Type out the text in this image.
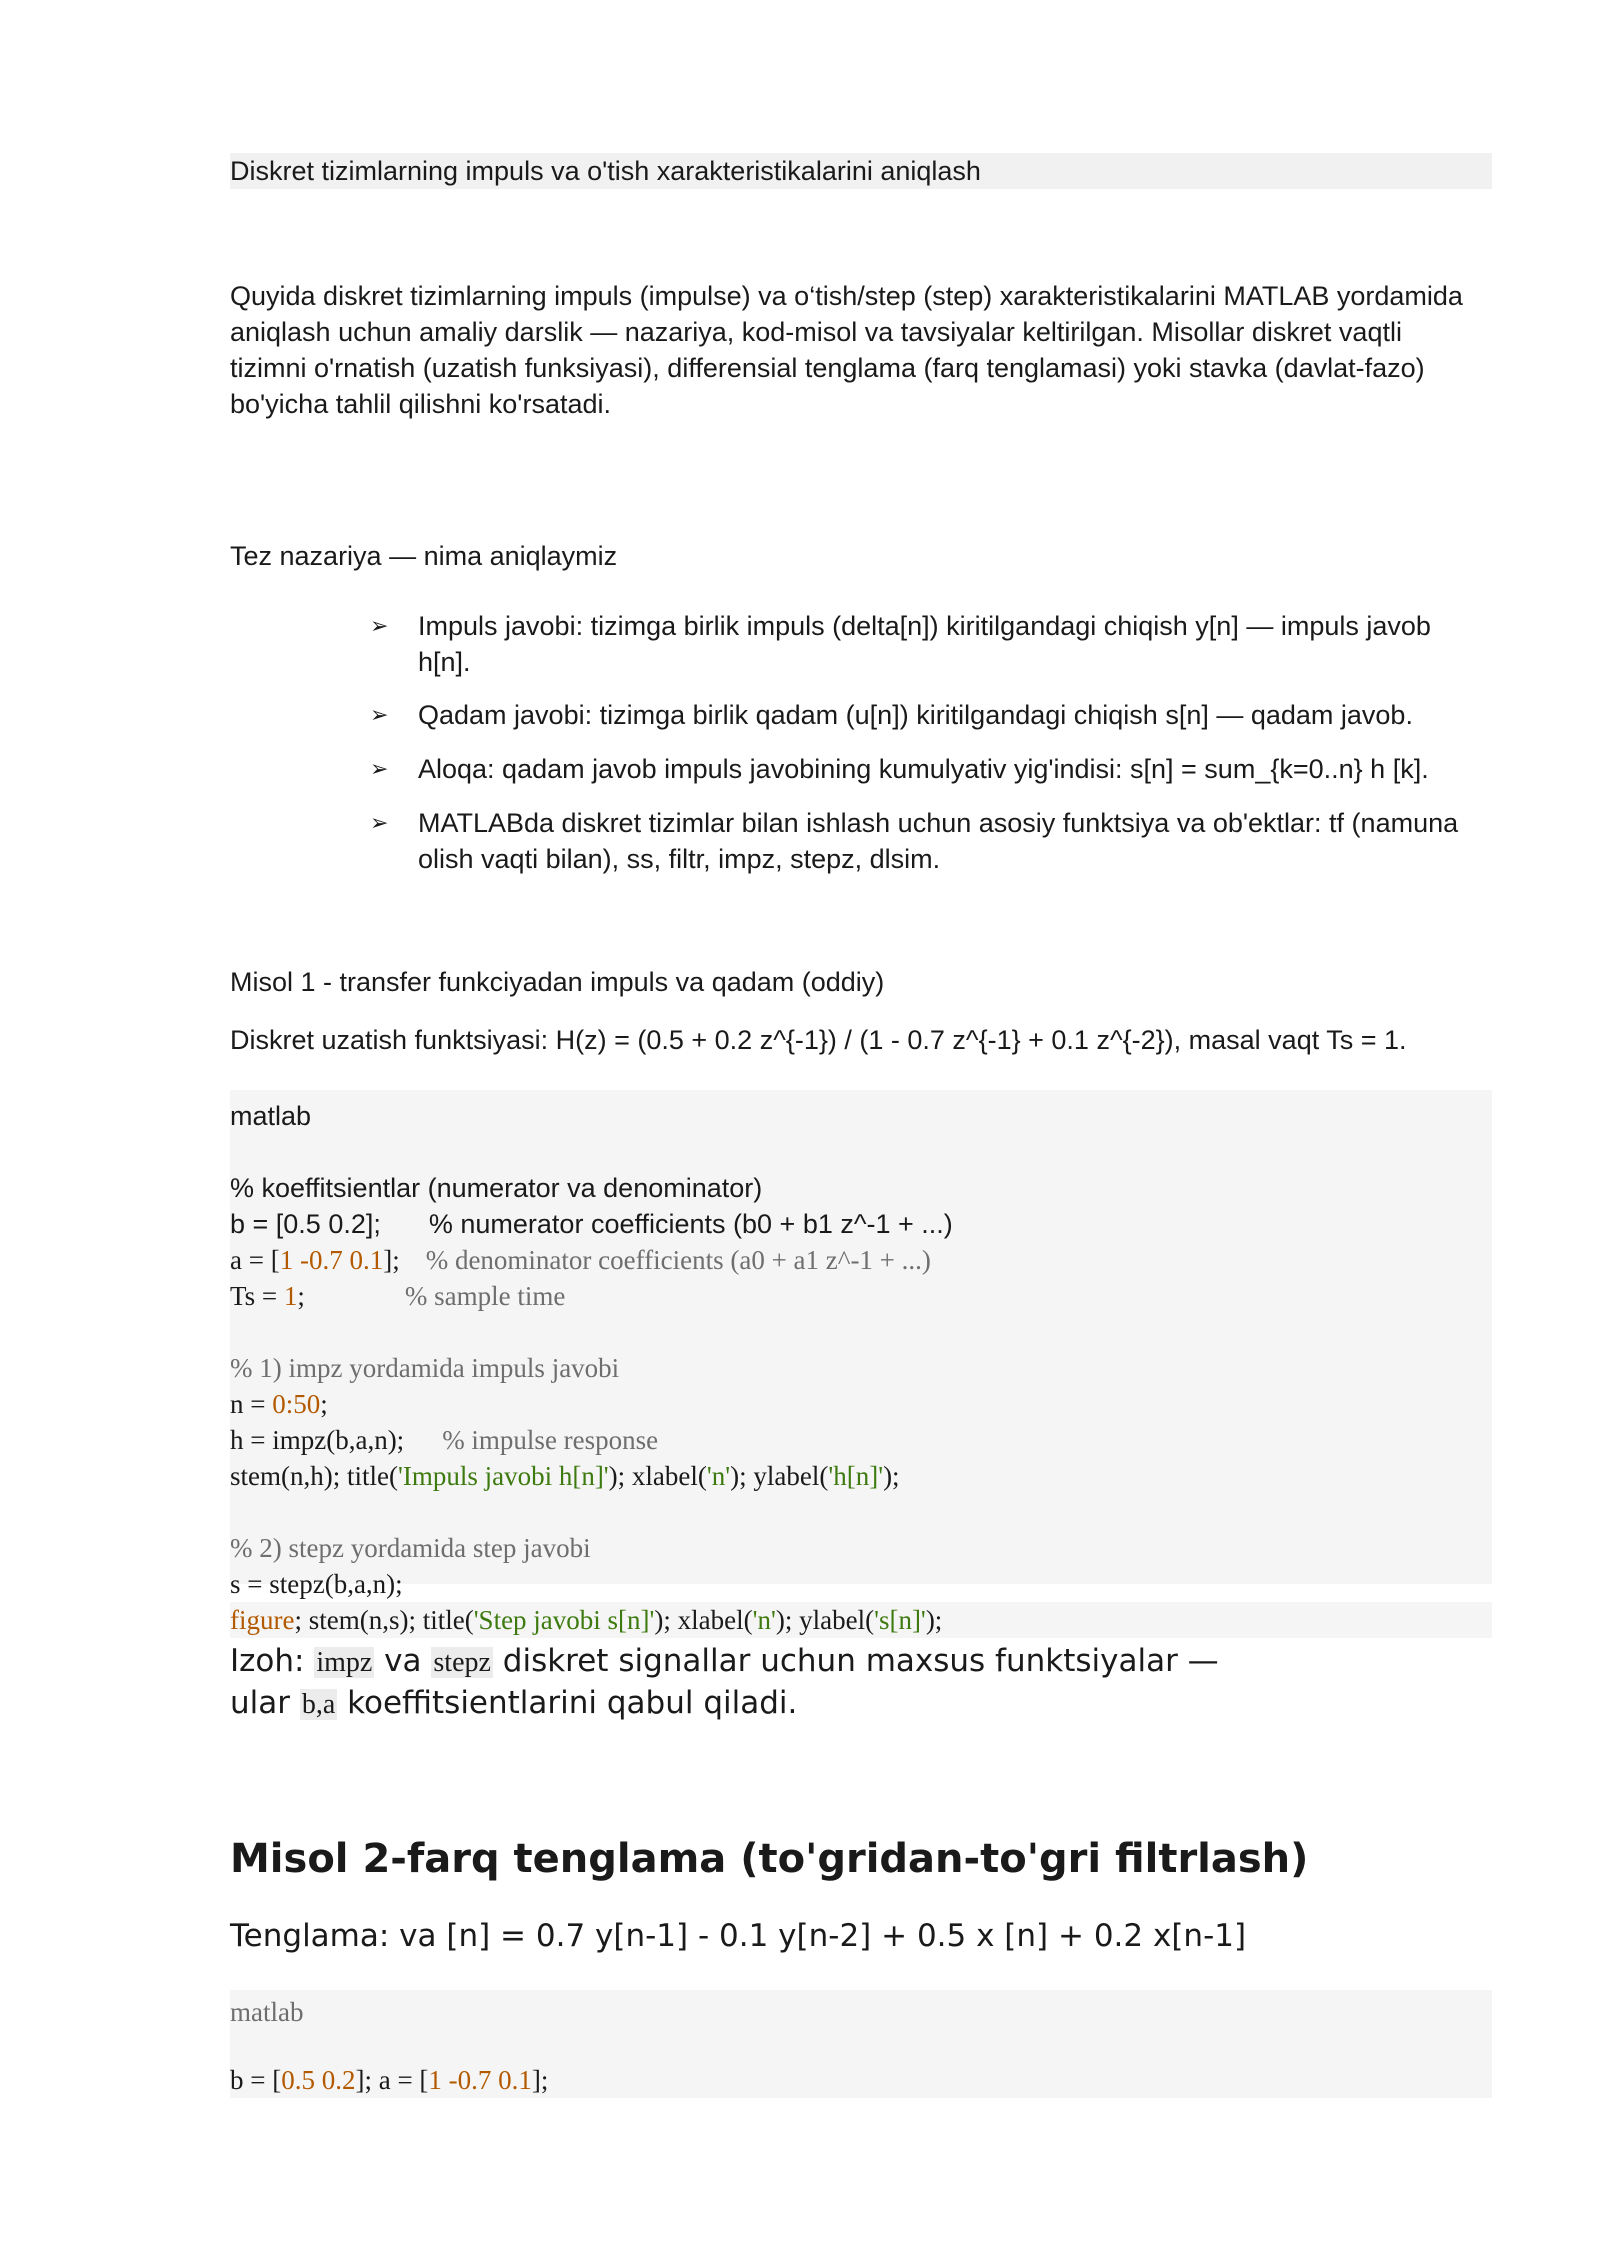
Diskret tizimlarning impuls va o'tish xarakteristikalarini aniqlash
Quyida diskret tizimlarning impuls (impulse) va o‘tish/step (step) xarakteristikalarini MATLAB yordamida
aniqlash uchun amaliy darslik — nazariya, kod-misol va tavsiyalar keltirilgan. Misollar diskret vaqtli
tizimni o'rnatish (uzatish funksiyasi), differensial tenglama (farq tenglamasi) yoki stavka (davlat-fazo)
bo'yicha tahlil qilishni ko'rsatadi.
Tez nazariya — nima aniqlaymiz
➢	Impuls javobi: tizimga birlik impuls (delta[n]) kiritilgandagi chiqish y[n] — impuls javob
h[n].
➢	Qadam javobi: tizimga birlik qadam (u[n]) kiritilgandagi chiqish s[n] — qadam javob.
➢	Aloqa: qadam javob impuls javobining kumulyativ yig'indisi: s[n] = sum_{k=0..n} h [k].
➢	MATLABda diskret tizimlar bilan ishlash uchun asosiy funktsiya va ob'ektlar: tf (namuna
olish vaqti bilan), ss, filtr, impz, stepz, dlsim.
Misol 1 - transfer funkciyadan impuls va qadam (oddiy)
Diskret uzatish funktsiyasi: H(z) = (0.5 + 0.2 z^{-1}) / (1 - 0.7 z^{-1} + 0.1 z^{-2}), masal vaqt Ts = 1.
matlab
% koeffitsientlar (numerator va denominator)
b = [0.5 0.2]; % numerator coefficients (b0 + b1 z^-1 + ...)
a = [1 -0.7 0.1]; % denominator coefficients (a0 + a1 z^-1 + ...)
Ts = 1;	% sample time
% 1) impz yordamida impuls javobi
n = 0:50;
h = impz(b,a,n); % impulse response
stem(n,h); title('Impuls javobi h[n]'); xlabel('n'); ylabel('h[n]');
% 2) stepz yordamida step javobi
s = stepz(b,a,n);
figure; stem(n,s); title('Step javobi s[n]'); xlabel('n'); ylabel('s[n]');
Izoh: impz va stepz diskret signallar uchun maxsus funktsiyalar —
ular b,a koeffitsientlarini qabul qiladi.
Misol 2-farq tenglama (to'gridan-to'gri filtrlash)
Tenglama: va [n] = 0.7 y[n-1] - 0.1 y[n-2] + 0.5 x [n] + 0.2 x[n-1]
matlab
b = [0.5 0.2]; a = [1 -0.7 0.1];
